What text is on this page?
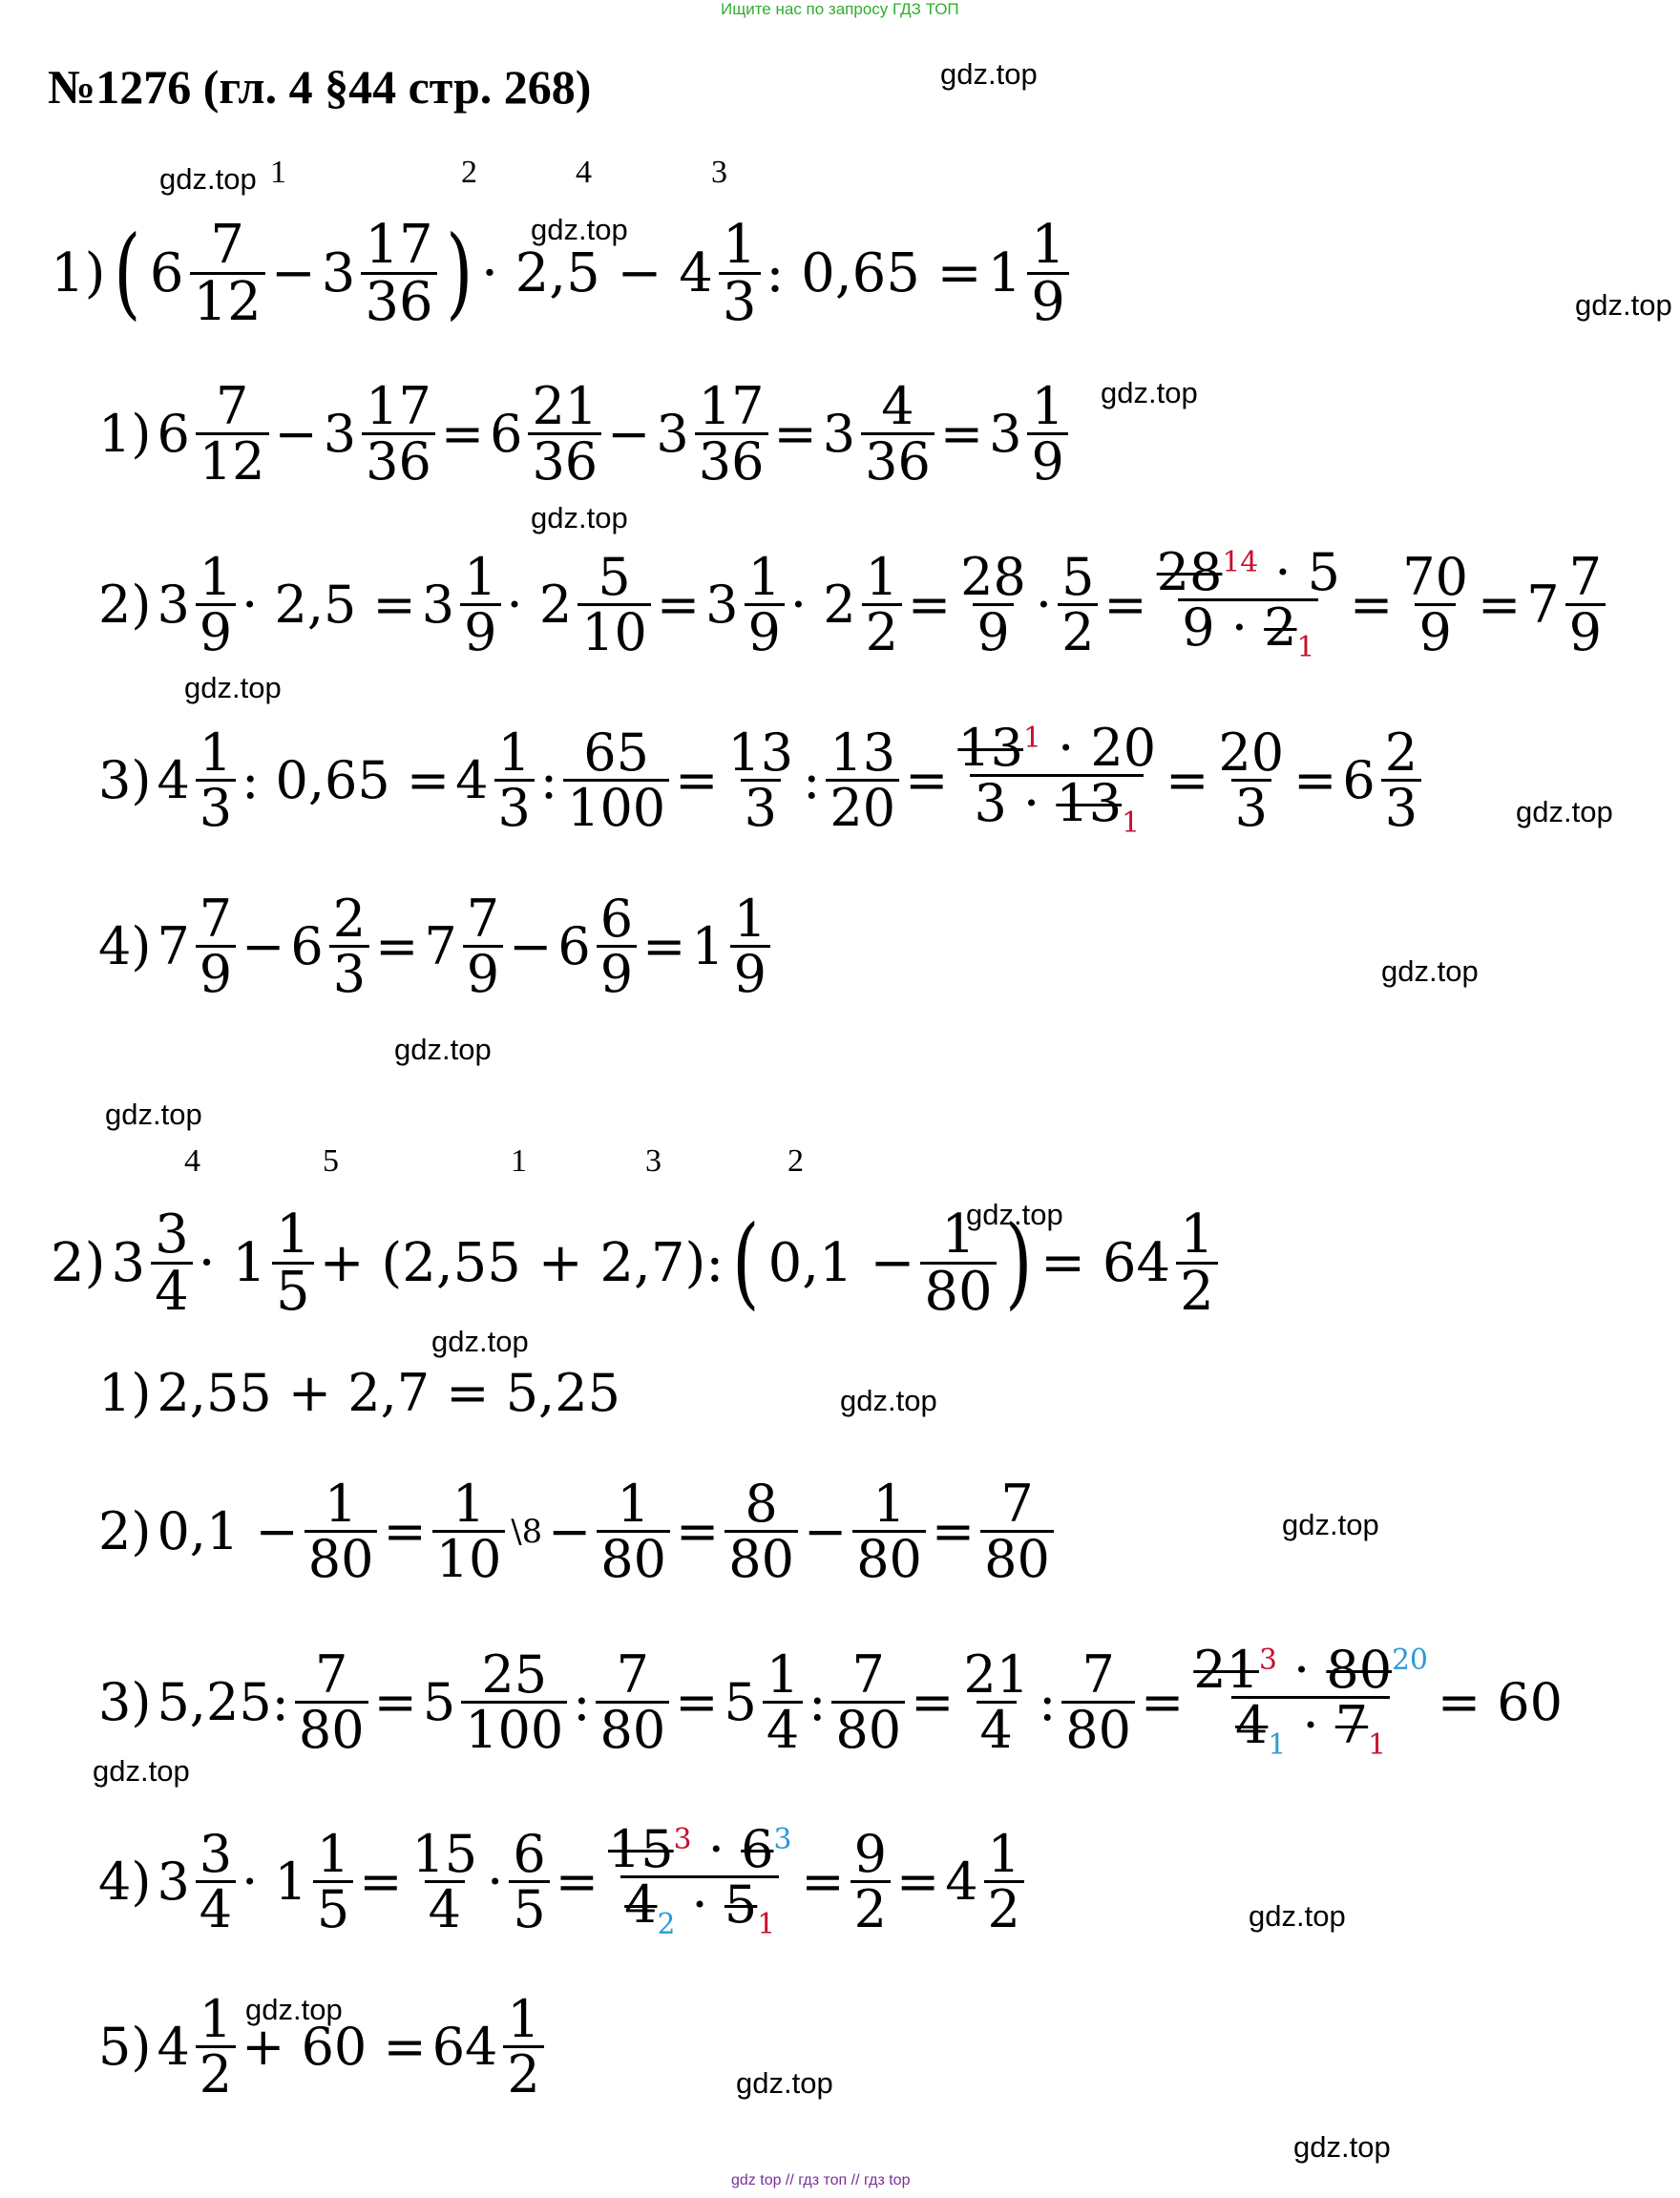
Ищите нас по запросу ГДЗ ТОП
№1276 (гл. 4 §44 стр. 268)	gdz.top
gdz.top
gdz.top
gdz.top
gdz.top
gdz.top
gdz.top
gdz.top
gdz.top
gdz.top
gdz.top
gdz.top
gdz.top
gdz.top
gdz.top
gdz.top
gdz.top
gdz.top
gdz.top
gdz.top
1	2	4	3
1) ( $6 \frac{7}{12} - 3 \frac{17}{36}$ ) · $2,5 - 4 \frac{1}{3}$ : $0,65 = 1 \frac{1}{9}$
1) $6 \frac{7}{12} - 3 \frac{17}{36} = 6 \frac{21}{36} - 3 \frac{17}{36} = 3 \frac{4}{36} = 3 \frac{1}{9}$
2) $3 \frac{1}{9} \cdot 2,5 = 3 \frac{1}{9} \cdot 2 \frac{5}{10} = 3 \frac{1}{9} \cdot 2 \frac{1}{2} = \frac{28}{9} \cdot \frac{5}{2} = \frac{28^{14} \cdot 5}{9 \cdot 2_1} = \frac{70}{9} = 7 \frac{7}{9}$
3) $4 \frac{1}{3}$ : $0,65 = 4 \frac{1}{3}$ : $\frac{65}{100} = \frac{13}{3}$ : $\frac{13}{20} = \frac{13^1 \cdot 20}{3 \cdot 13_1} = \frac{20}{3} = 6 \frac{2}{3}$
4) $7 \frac{7}{9} - 6 \frac{2}{3} = 7 \frac{7}{9} - 6 \frac{6}{9} = 1 \frac{1}{9}$
4	5	1	3	2
2) $3 \frac{3}{4} \cdot 1 \frac{1}{5} + (2,55 + 2,7)$: ( $0,1 - \frac{1}{80}$ ) = $64 \frac{1}{2}$
1) 2,55 + 2,7 = 5,25
2) $0,1 - \frac{1}{80} = \frac{1}{10}$ \8 − $\frac{1}{80} = \frac{8}{80} - \frac{1}{80} = \frac{7}{80}$
3) 5,25: $\frac{7}{80} = 5 \frac{25}{100}$ : $\frac{7}{80} = 5 \frac{1}{4}$ : $\frac{7}{80} = \frac{21}{4}$ : $\frac{7}{80} = \frac{21^3 \cdot 80^{20}}{4_1 \cdot 7_1} = 60$
4) $3 \frac{3}{4} \cdot 1 \frac{1}{5} = \frac{15}{4} \cdot \frac{6}{5} = \frac{15^3 \cdot 6^3}{4_2 \cdot 5_1} = \frac{9}{2} = 4 \frac{1}{2}$
5) $4 \frac{1}{2} + 60 = 64 \frac{1}{2}$
gdz top // гдз топ // гдз top
